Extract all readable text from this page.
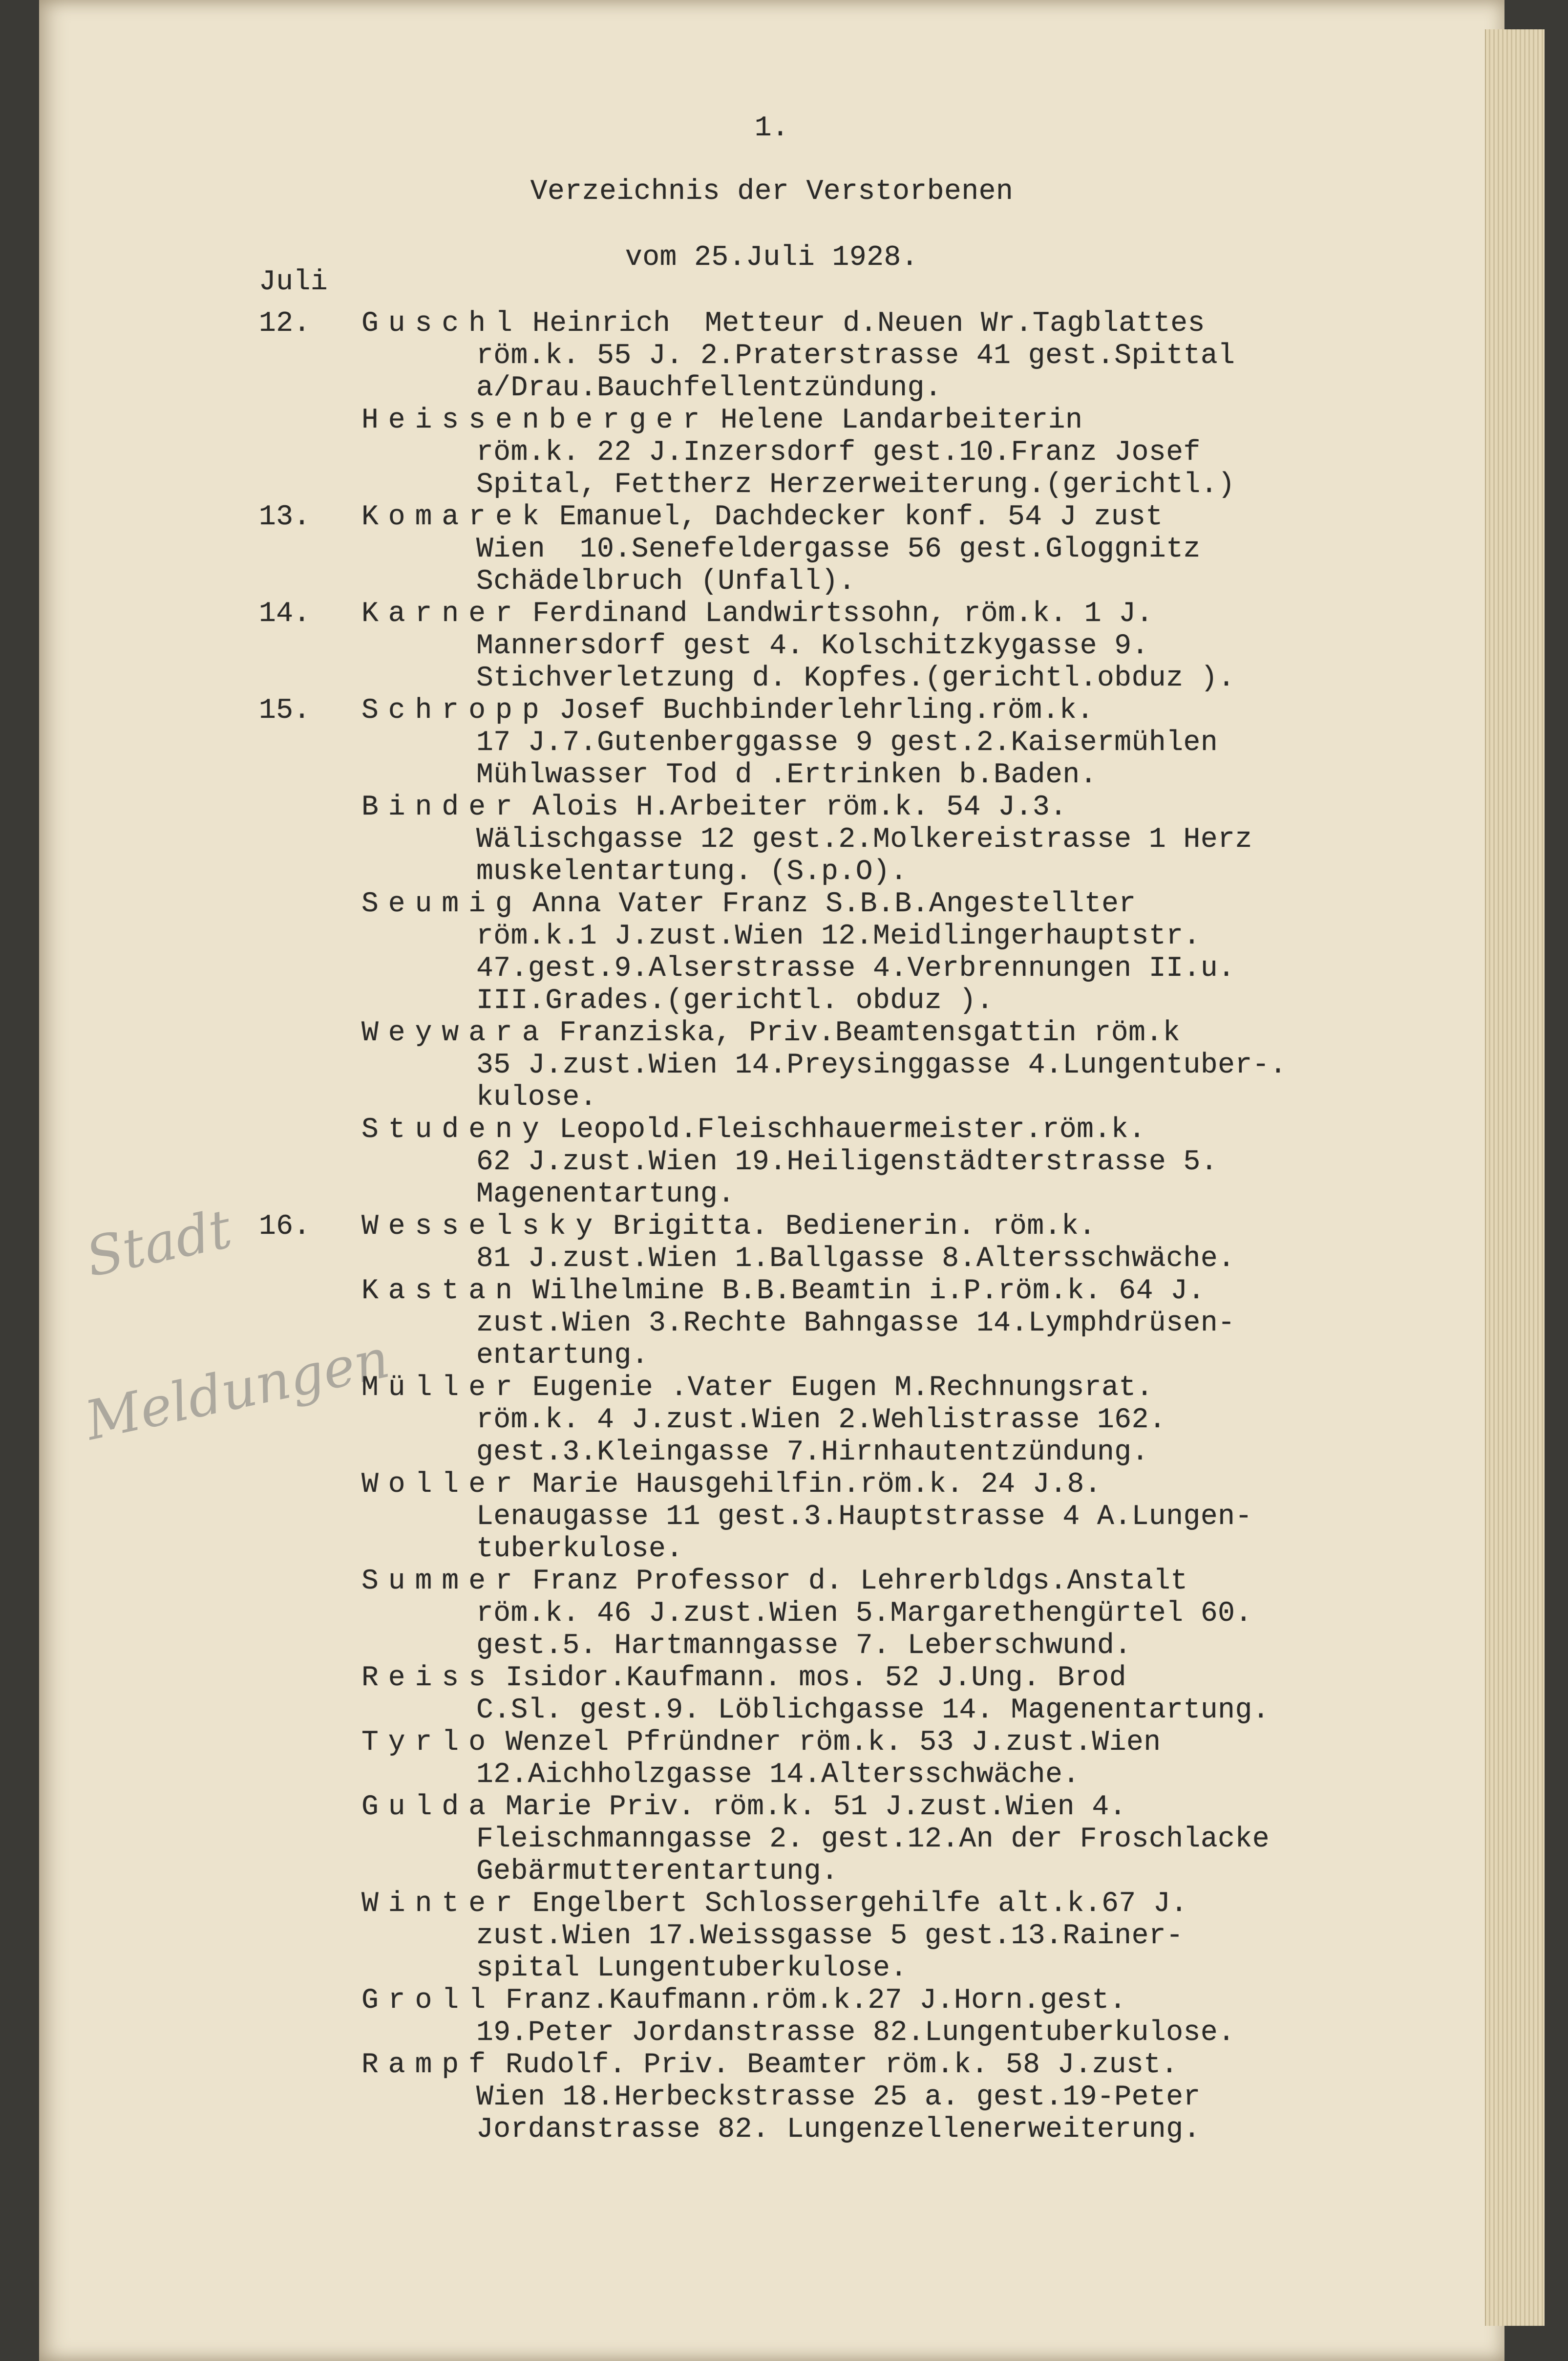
1.

Verzeichnis der Verstorbenen

vom 25.Juli 1928.

Juli

Stadt
Meldungen

12. Guschl Heinrich  Metteur d.Neuen Wr.Tagblattes

röm.k. 55 J. 2.Praterstrasse 41 gest.Spittal

a/Drau.Bauchfellentzündung.

Heissenberger Helene Landarbeiterin

röm.k. 22 J.Inzersdorf gest.10.Franz Josef

Spital, Fettherz Herzerweiterung.(gerichtl.)

13. Komarek Emanuel, Dachdecker konf. 54 J zust

Wien  10.Senefeldergasse 56 gest.Gloggnitz

Schädelbruch (Unfall).

14. Karner Ferdinand Landwirtssohn, röm.k. 1 J.

Mannersdorf gest 4. Kolschitzkygasse 9.

Stichverletzung d. Kopfes.(gerichtl.obduz ).

15. Schropp Josef Buchbinderlehrling.röm.k.

17 J.7.Gutenberggasse 9 gest.2.Kaisermühlen

Mühlwasser Tod d .Ertrinken b.Baden.

Binder Alois H.Arbeiter röm.k. 54 J.3.

Wälischgasse 12 gest.2.Molkereistrasse 1 Herz

muskelentartung. (S.p.O).

Seumig Anna Vater Franz S.B.B.Angestellter

röm.k.1 J.zust.Wien 12.Meidlingerhauptstr.

47.gest.9.Alserstrasse 4.Verbrennungen II.u.

III.Grades.(gerichtl. obduz ).

Weywara Franziska, Priv.Beamtensgattin röm.k

35 J.zust.Wien 14.Preysinggasse 4.Lungentuber-.

kulose.

Studeny Leopold.Fleischhauermeister.röm.k.

62 J.zust.Wien 19.Heiligenstädterstrasse 5.

Magenentartung.

16. Wesselsky Brigitta. Bedienerin. röm.k.

81 J.zust.Wien 1.Ballgasse 8.Altersschwäche.

Kastan Wilhelmine B.B.Beamtin i.P.röm.k. 64 J.

zust.Wien 3.Rechte Bahngasse 14.Lymphdrüsen-

entartung.

Müller Eugenie .Vater Eugen M.Rechnungsrat.

röm.k. 4 J.zust.Wien 2.Wehlistrasse 162.

gest.3.Kleingasse 7.Hirnhautentzündung.

Woller Marie Hausgehilfin.röm.k. 24 J.8.

Lenaugasse 11 gest.3.Hauptstrasse 4 A.Lungen-

tuberkulose.

Summer Franz Professor d. Lehrerbldgs.Anstalt

röm.k. 46 J.zust.Wien 5.Margarethengürtel 60.

gest.5. Hartmanngasse 7. Leberschwund.

Reiss Isidor.Kaufmann. mos. 52 J.Ung. Brod

C.Sl. gest.9. Löblichgasse 14. Magenentartung.

Tyrlo Wenzel Pfründner röm.k. 53 J.zust.Wien

12.Aichholzgasse 14.Altersschwäche.

Gulda Marie Priv. röm.k. 51 J.zust.Wien 4.

Fleischmanngasse 2. gest.12.An der Froschlacke

Gebärmutterentartung.

Winter Engelbert Schlossergehilfe alt.k.67 J.

zust.Wien 17.Weissgasse 5 gest.13.Rainer-

spital Lungentuberkulose.

Groll Franz.Kaufmann.röm.k.27 J.Horn.gest.

19.Peter Jordanstrasse 82.Lungentuberkulose.

Rampf Rudolf. Priv. Beamter röm.k. 58 J.zust.

Wien 18.Herbeckstrasse 25 a. gest.19-Peter

Jordanstrasse 82. Lungenzellenerweiterung.
